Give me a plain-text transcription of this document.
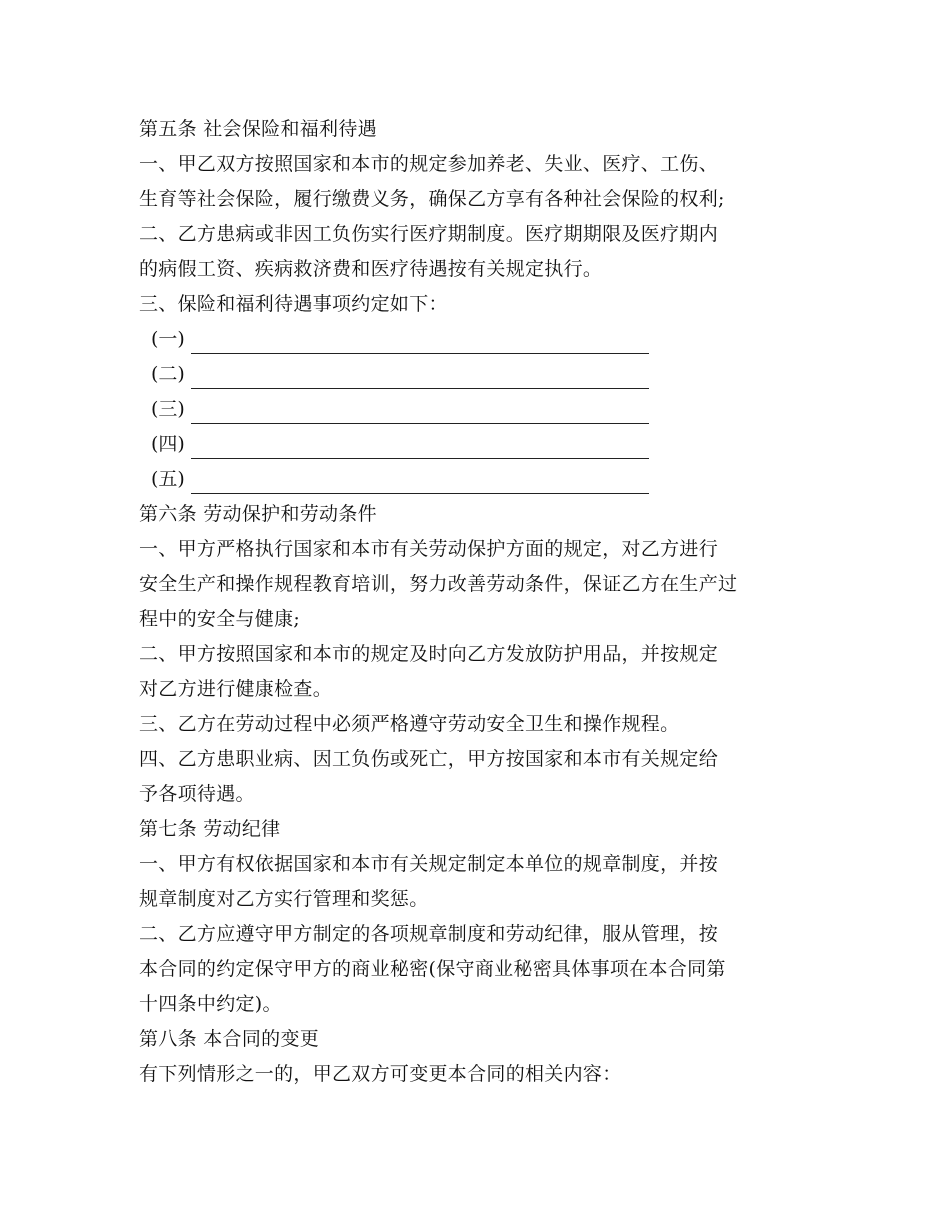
第五条 社会保险和福利待遇
一、甲乙双方按照国家和本市的规定参加养老、失业、医疗、工伤、
生育等社会保险，履行缴费义务，确保乙方享有各种社会保险的权利;
二、乙方患病或非因工负伤实行医疗期制度。医疗期期限及医疗期内
的病假工资、疾病救济费和医疗待遇按有关规定执行。
三、保险和福利待遇事项约定如下：
(一)
(二)
(三)
(四)
(五)
第六条 劳动保护和劳动条件
一、甲方严格执行国家和本市有关劳动保护方面的规定，对乙方进行
安全生产和操作规程教育培训，努力改善劳动条件，保证乙方在生产过
程中的安全与健康;
二、甲方按照国家和本市的规定及时向乙方发放防护用品，并按规定
对乙方进行健康检查。
三、乙方在劳动过程中必须严格遵守劳动安全卫生和操作规程。
四、乙方患职业病、因工负伤或死亡，甲方按国家和本市有关规定给
予各项待遇。
第七条 劳动纪律
一、甲方有权依据国家和本市有关规定制定本单位的规章制度，并按
规章制度对乙方实行管理和奖惩。
二、乙方应遵守甲方制定的各项规章制度和劳动纪律，服从管理，按
本合同的约定保守甲方的商业秘密(保守商业秘密具体事项在本合同第
十四条中约定)。
第八条 本合同的变更
有下列情形之一的，甲乙双方可变更本合同的相关内容：
